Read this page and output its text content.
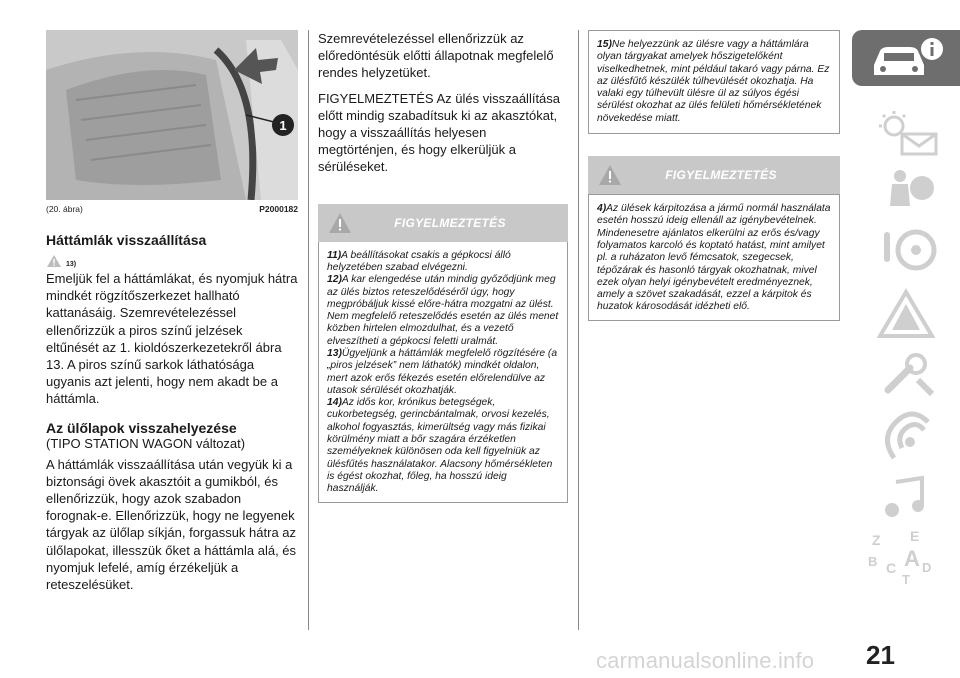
1
(20. ábra)	P2000182
Háttámlák visszaállítása
13)

Emeljük fel a háttámlákat, és nyomjuk hátra mindkét rögzítőszerkezet hallható kattanásáig. Szemrevételezéssel ellenőrizzük a piros színű jelzések eltűnését az 1. kioldószerkezetekről ábra 13. A piros színű sarkok láthatósága ugyanis azt jelenti, hogy nem akadt be a háttámla.

Az ülőlapok visszahelyezése
(TIPO STATION WAGON változat)

A háttámlák visszaállítása után vegyük ki a biztonsági övek akasztóit a gumikból, és ellenőrizzük, hogy azok szabadon forognak-e. Ellenőrizzük, hogy ne legyenek tárgyak az ülőlap síkján, forgassuk hátra az ülőlapokat, illesszük őket a háttámla alá, és nyomjuk lefelé, amíg érzékeljük a reteszelésüket.

Szemrevételezéssel ellenőrizzük az előredöntésük előtti állapotnak megfelelő rendes helyzetüket.

FIGYELMEZTETÉS Az ülés visszaállítása előtt mindig szabadítsuk ki az akasztókat, hogy a visszaállítás helyesen megtörténjen, és hogy elkerüljük a sérüléseket.

FIGYELMEZTETÉS
11)A beállításokat csakis a gépkocsi álló helyzetében szabad elvégezni.
12)A kar elengedése után mindig győződjünk meg az ülés biztos reteszelődéséről úgy, hogy megpróbáljuk kissé előre-hátra mozgatni az ülést. Nem megfelelő reteszelődés esetén az ülés menet közben hirtelen elmozdulhat, és a vezető elveszítheti a gépkocsi feletti uralmát.
13)Ügyeljünk a háttámlák megfelelő rögzítésére (a „piros jelzések” nem láthatók) mindkét oldalon, mert azok erős fékezés esetén előrelendülve az utasok sérülését okozhatják.
14)Az idős kor, krónikus betegségek, cukorbetegség, gerincbántalmak, orvosi kezelés, alkohol fogyasztás, kimerültség vagy más fizikai körülmény miatt a bőr szagára érzéketlen személyeknek különösen oda kell figyelniük az ülésfűtés használatakor. Alacsony hőmérsékleten is égést okozhat, főleg, ha hosszú ideig használják.
15)Ne helyezzünk az ülésre vagy a háttámlára olyan tárgyakat amelyek hőszigetelőként viselkedhetnek, mint például takaró vagy párna. Ez az ülésfűtő készülék túlhevülését okozhatja. Ha valaki egy túlhevült ülésre ül az súlyos égési sérülést okozhat az ülés felületi hőmérsékletének növekedése miatt.
FIGYELMEZTETÉS
4)Az ülések kárpitozása a jármű normál használata esetén hosszú ideig ellenáll az igénybevételnek. Mindenesetre ajánlatos elkerülni az erős és/vagy folyamatos karcoló és koptató hatást, mint amilyet pl. a ruházaton levő fémcsatok, szegecsek, tépőzárak és hasonló tárgyak okozhatnak, mivel ezek olyan helyi igénybevételt eredményeznek, amely a szövet szakadását, ezzel a kárpitok és huzatok károsodását idézheti elő.
Z E
B A
C D
T
21
carmanualsonline.info
